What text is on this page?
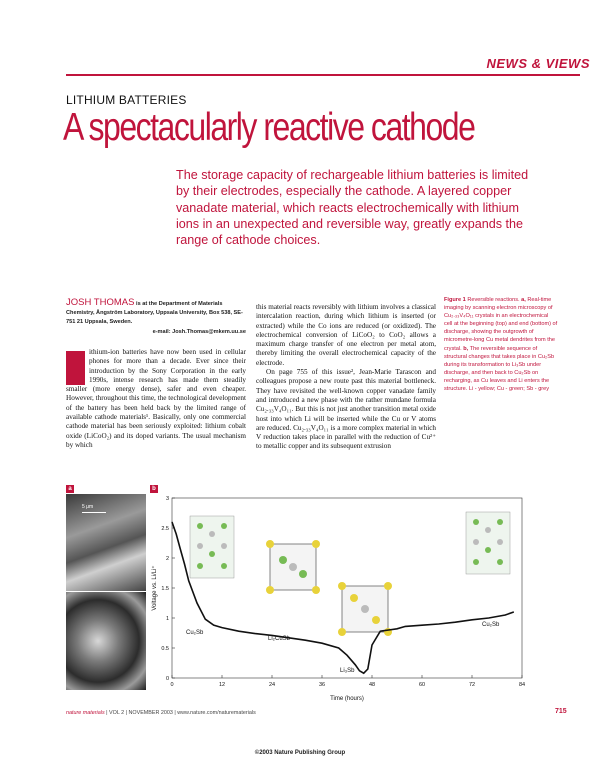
NEWS & VIEWS
LITHIUM BATTERIES
A spectacularly reactive cathode
The storage capacity of rechargeable lithium batteries is limited by their electrodes, especially the cathode. A layered copper vanadate material, which reacts electrochemically with lithium ions in an unexpected and reversible way, greatly expands the range of cathode choices.
JOSH THOMAS is at the Department of Materials Chemistry, Ångström Laboratory, Uppsala University, Box 538, SE-751 21 Uppsala, Sweden.
e-mail: Josh.Thomas@mkem.uu.se
ithium-ion batteries have now been used in cellular phones for more than a decade. Ever since their introduction by the Sony Corporation in the early 1990s, intense research has made them steadily smaller (more energy dense), safer and even cheaper. However, throughout this time, the technological development of the battery has been held back by the limited range of available cathode materials¹. Basically, only one commercial cathode material has been seriously exploited: lithium cobalt oxide (LiCoO₂) and its doped variants. The usual mechanism by which

this material reacts reversibly with lithium involves a classical intercalation reaction, during which lithium is inserted (or extracted) while the Co ions are reduced (or oxidized). The electrochemical conversion of LiCoO₂ to CoO₂ allows a maximum charge transfer of one electron per metal atom, thereby limiting the overall electrochemical capacity of the electrode.

On page 755 of this issue², Jean-Marie Tarascon and colleagues propose a new route past this material bottleneck. They have revisited the well-known copper vanadate family and introduced a new phase with the rather mundane formula Cu₂.₃₃V₄O₁₁. But this is not just another transition metal oxide host into which Li will be inserted while the Cu or V atoms are reduced. Cu₂.₃₃V₄O₁₁ is a more complex material in which V reduction takes place in parallel with the reduction of Cu²⁺ to metallic copper and its subsequent extrusion

Figure 1 Reversible reactions. a, Real-time imaging by scanning electron microscopy of Cu₂.₃₃V₄O₁₁ crystals in an electrochemical cell at the beginning (top) and end (bottom) of discharge, showing the outgrowth of micrometre-long Cu metal dendrites from the crystal. b, The reversible sequence of structural changes that takes place in Cu₂Sb during its transformation to Li₃Sb under discharge, and then back to Cu₂Sb on recharging, as Cu leaves and Li enters the structure. Li - yellow; Cu - green; Sb - grey
a	b
5 μm
0
0.5
1
1.5
2
2.5
3
0	12	24	36	48	60	72	84
Cu₂Sb
Li₂CuSb
Li₃Sb
Cu₂Sb
Voltage vs. Li/Li⁺
Time (hours)
nature materials | VOL 2 | NOVEMBER 2003 | www.nature.com/naturematerials	715
©2003 Nature Publishing Group
